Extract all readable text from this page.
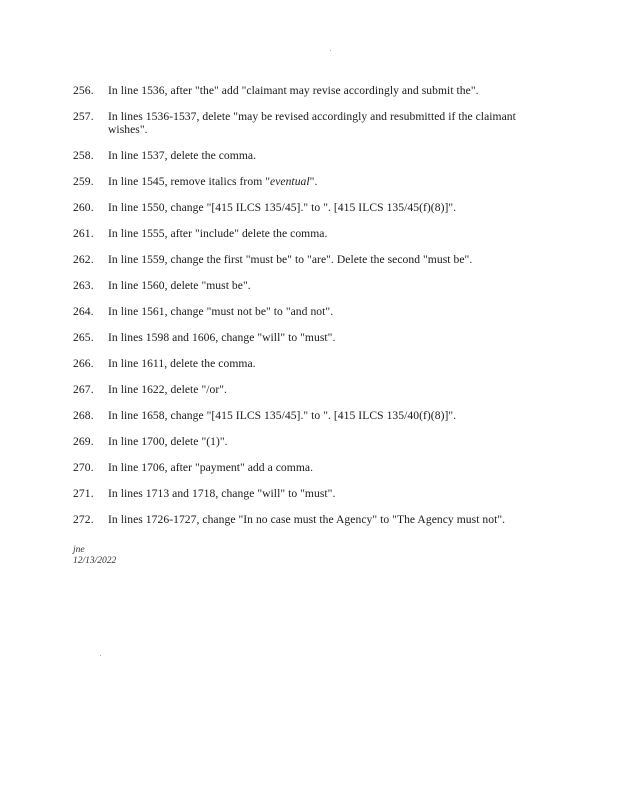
256.	In line 1536, after "the" add "claimant may revise accordingly and submit the".
257.	In lines 1536-1537, delete "may be revised accordingly and resubmitted if the claimant wishes".
258.	In line 1537, delete the comma.
259.	In line 1545, remove italics from "eventual".
260.	In line 1550, change "[415 ILCS 135/45]." to ". [415 ILCS 135/45(f)(8)]".
261.	In line 1555, after "include" delete the comma.
262.	In line 1559, change the first "must be" to "are". Delete the second "must be".
263.	In line 1560, delete "must be".
264.	In line 1561, change "must not be" to "and not".
265.	In lines 1598 and 1606, change "will" to "must".
266.	In line 1611, delete the comma.
267.	In line 1622, delete "/or".
268.	In line 1658, change "[415 ILCS 135/45]." to ". [415 ILCS 135/40(f)(8)]".
269.	In line 1700, delete "(1)".
270.	In line 1706, after "payment" add a comma.
271.	In lines 1713 and 1718, change "will" to "must".
272.	In lines 1726-1727, change "In no case must the Agency" to "The Agency must not".
jne
12/13/2022
